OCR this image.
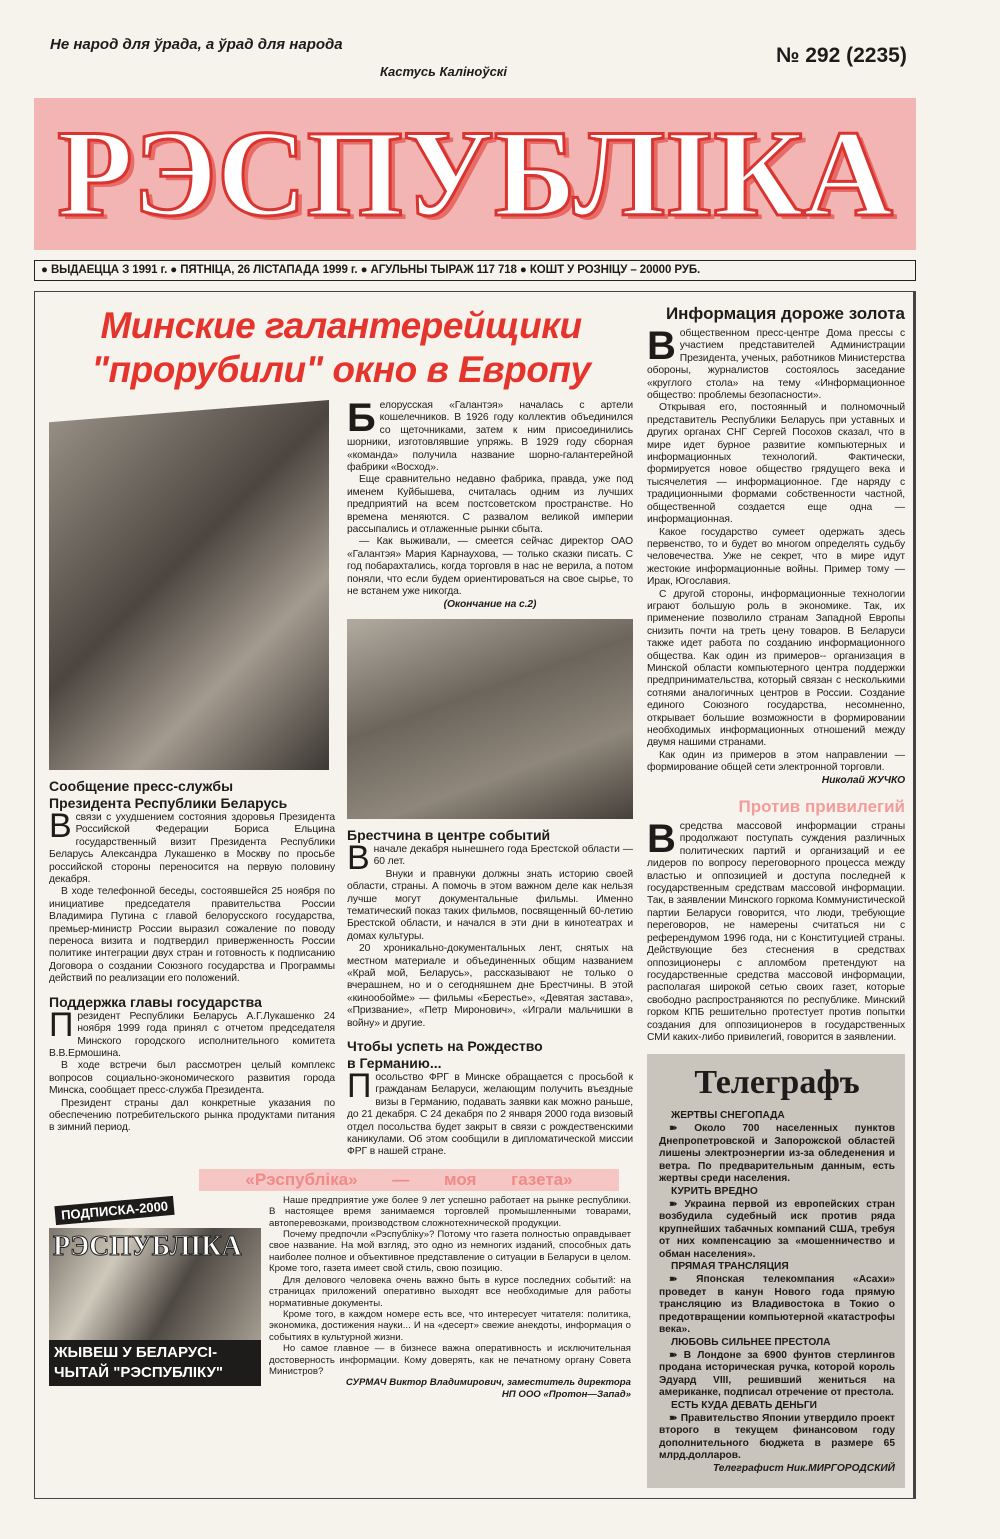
Не народ для ўрада, а ўрад для народа
Кастусь Каліноўскі
№ 292 (2235)
РЭСПУБЛІКА
● ВЫДАЕЦЦА З 1991 г. ● ПЯТНІЦА, 26 ЛІСТАПАДА 1999 г. ● АГУЛЬНЫ ТЫРАЖ 117 718 ● КОШТ У РОЗНІЦУ – 20000 РУБ.
Минские галантерейщики "прорубили" окно в Европу
Сообщение пресс-службы
Президента Республики Беларусь

Всвязи с ухудшением состояния здоровья Президента Российской Федерации Бориса Ельцина государственный визит Президента Республики Беларусь Александра Лукашенко в Москву по просьбе российской стороны переносится на первую половину декабря.

В ходе телефонной беседы, состоявшейся 25 ноября по инициативе председателя правительства России Владимира Путина с главой белорусского государства, премьер-министр России выразил сожаление по поводу переноса визита и подтвердил приверженность России политике интеграции двух стран и готовность к подписанию Договора о создании Союзного государства и Программы действий по реализации его положений.

Поддержка главы государства

Президент Республики Беларусь А.Г.Лукашенко 24 ноября 1999 года принял с отчетом председателя Минского городского исполнительного комитета В.В.Ермошина.

В ходе встречи был рассмотрен целый комплекс вопросов социально-экономического развития города Минска, сообщает пресс-служба Президента.

Президент страны дал конкретные указания по обеспечению потребительского рынка продуктами питания в зимний период.

Белорусская «Галантэя» началась с артели кошелечников. В 1926 году коллектив объединился со щеточниками, затем к ним присоединились шорники, изготовлявшие упряжь. В 1929 году сборная «команда» получила название шорно-галантерейной фабрики «Восход».

Еще сравнительно недавно фабрика, правда, уже под именем Куйбышева, считалась одним из лучших предприятий на всем постсоветском пространстве. Но времена меняются. С развалом великой империи рассыпались и отлаженные рынки сбыта.

— Как выживали, — смеется сейчас директор ОАО «Галантэя» Мария Карнаухова, — только сказки писать. С год побарахтались, когда торговля в нас не верила, а потом поняли, что если будем ориентироваться на свое сырье, то не встанем уже никогда.

(Окончание на с.2)
Брестчина в центре событий

Вначале декабря нынешнего года Брестской области — 60 лет.

Внуки и правнуки должны знать историю своей области, страны. А помочь в этом важном деле как нельзя лучше могут документальные фильмы. Именно тематический показ таких фильмов, посвященный 60-летию Брестской области, и начался в эти дни в кинотеатрах и домах культуры.

20 хроникально-документальных лент, снятых на местном материале и объединенных общим названием «Край мой, Беларусь», рассказывают не только о вчерашнем, но и о сегодняшнем дне Брестчины. В этой «кинообойме» — фильмы «Берестье», «Девятая застава», «Призвание», «Петр Миронович», «Играли мальчишки в войну» и другие.

Чтобы успеть на Рождество
в Германию...

Посольство ФРГ в Минске обращается с просьбой к гражданам Беларуси, желающим получить въездные визы в Германию, подавать заявки как можно раньше, до 21 декабря. С 24 декабря по 2 января 2000 года визовый отдел посольства будет закрыт в связи с рождественскими каникулами. Об этом сообщили в дипломатической миссии ФРГ в нашей стране.

«Рэспубліка» — моя газета»
ПОДПИСКА-2000
РЭСПУБЛІКА
ЖЫВЕШ У БЕЛАРУСІ-
ЧЫТАЙ "РЭСПУБЛІКУ"

Наше предприятие уже более 9 лет успешно работает на рынке республики. В настоящее время занимаемся торговлей промышленными товарами, автоперевозками, производством сложнотехнической продукции.

Почему предпочли «Рэспубліку»? Потому что газета полностью оправдывает свое название. На мой взгляд, это одно из немногих изданий, способных дать наиболее полное и объективное представление о ситуации в Беларуси в целом. Кроме того, газета имеет свой стиль, свою позицию.

Для делового человека очень важно быть в курсе последних событий: на страницах приложений оперативно выходят все необходимые для работы нормативные документы.

Кроме того, в каждом номере есть все, что интересует читателя: политика, экономика, достижения науки... И на «десерт» свежие анекдоты, информация о событиях в культурной жизни.

Но самое главное — в бизнесе важна оперативность и исключительная достоверность информации. Кому доверять, как не печатному органу Совета Министров?

СУРМАЧ Виктор Владимирович, заместитель директора
НП ООО «Протон—Запад»
Информация дороже золота

Вобщественном пресс-центре Дома прессы с участием представителей Администрации Президента, ученых, работников Министерства обороны, журналистов состоялось заседание «круглого стола» на тему «Информационное общество: проблемы безопасности».

Открывая его, постоянный и полномочный представитель Республики Беларусь при уставных и других органах СНГ Сергей Посохов сказал, что в мире идет бурное развитие компьютерных и информационных технологий. Фактически, формируется новое общество грядущего века и тысячелетия — информационное. Где наряду с традиционными формами собственности частной, общественной создается еще одна — информационная.

Какое государство сумеет одержать здесь первенство, то и будет во многом определять судьбу человечества. Уже не секрет, что в мире идут жестокие информационные войны. Пример тому — Ирак, Югославия.

С другой стороны, информационные технологии играют большую роль в экономике. Так, их применение позволило странам Западной Европы снизить почти на треть цену товаров. В Беларуси также идет работа по созданию информационного общества. Как один из примеров-- организация в Минской области компьютерного центра поддержки предпринимательства, который связан с несколькими сотнями аналогичных центров в России. Создание единого Союзного государства, несомненно, открывает большие возможности в формировании необходимых информационных отношений между двумя нашими странами.

Как один из примеров в этом направлении — формирование общей сети электронной торговли.

Николай ЖУЧКО
Против привилегий

Всредства массовой информации страны продолжают поступать суждения различных политических партий и организаций и ее лидеров по вопросу переговорного процесса между властью и оппозицией и доступа последней к государственным средствам массовой информации. Так, в заявлении Минского горкома Коммунистической партии Беларуси говорится, что люди, требующие переговоров, не намерены считаться ни с референдумом 1996 года, ни с Конституцией страны. Действующие без стеснения в средствах оппозиционеры с апломбом претендуют на государственные средства массовой информации, располагая широкой сетью своих газет, которые свободно распространяются по республике. Минский горком КПБ решительно протестует против попытки создания для оппозиционеров в государственных СМИ каких-либо привилегий, говорится в заявлении.

Телеграфъ
ЖЕРТВЫ СНЕГОПАДА

➽ Около 700 населенных пунктов Днепропетровской и Запорожской областей лишены электроэнергии из-за обледенения и ветра. По предварительным данным, есть жертвы среди населения.

КУРИТЬ ВРЕДНО

➽ Украина первой из европейских стран возбудила судебный иск против ряда крупнейших табачных компаний США, требуя от них компенсацию за «мошенничество и обман населения».

ПРЯМАЯ ТРАНСЛЯЦИЯ

➽ Японская телекомпания «Асахи» проведет в канун Нового года прямую трансляцию из Владивостока в Токио о предотвращении компьютерной «катастрофы века».

ЛЮБОВЬ СИЛЬНЕЕ ПРЕСТОЛА

➽ В Лондоне за 6900 фунтов стерлингов продана историческая ручка, которой король Эдуард VIII, решивший жениться на американке, подписал отречение от престола.

ЕСТЬ КУДА ДЕВАТЬ ДЕНЬГИ

➽ Правительство Японии утвердило проект второго в текущем финансовом году дополнительного бюджета в размере 65 млрд.долларов.

Телеграфист Ник.МИРГОРОДСКИЙ
